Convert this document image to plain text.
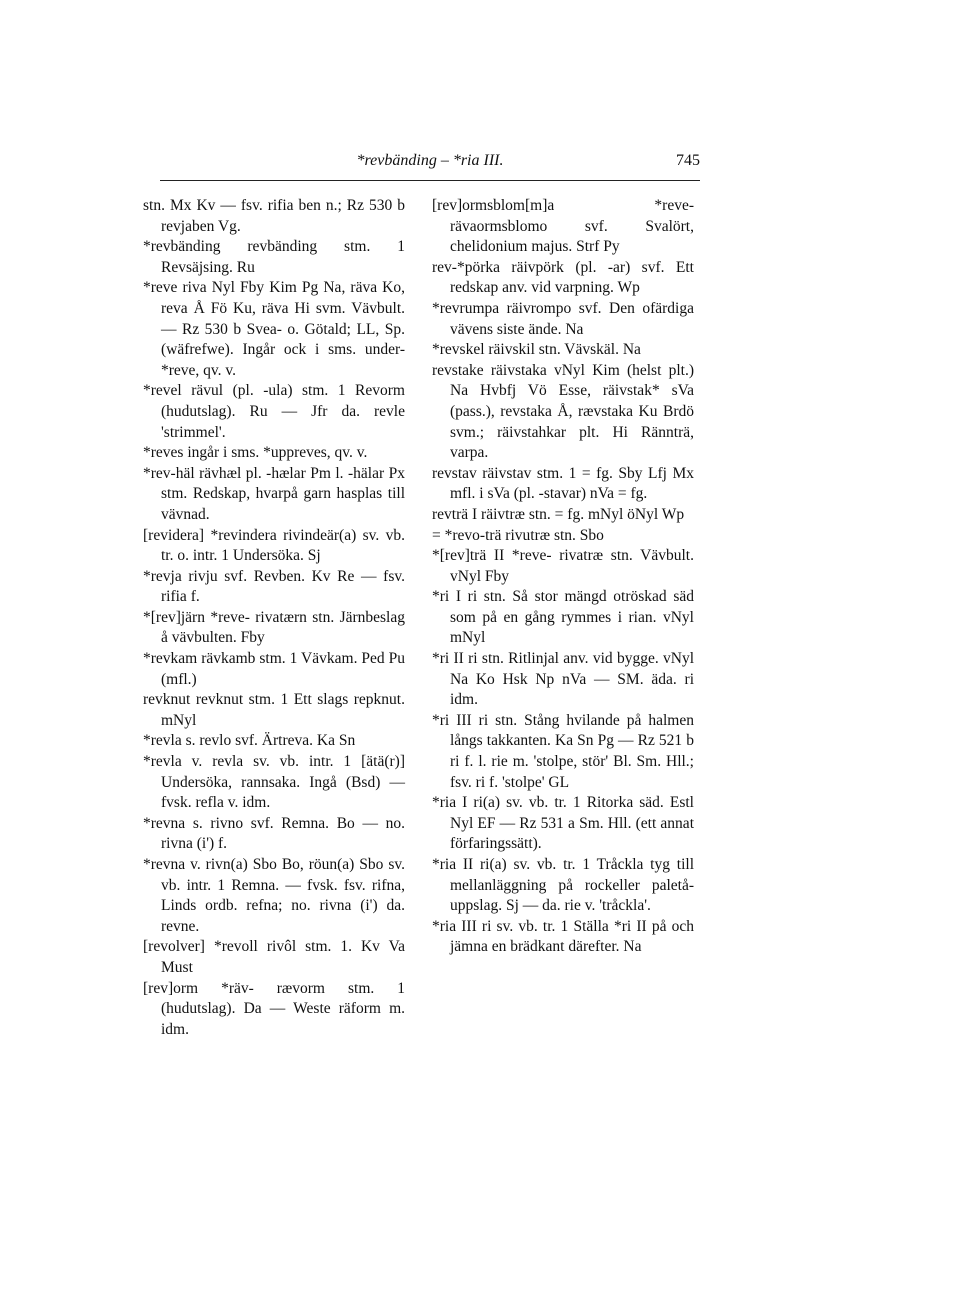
*revbänding – *ria III.	745

stn. Mx Kv — fsv. rifia ben n.; Rz 530 b revjaben Vg.

*revbänding revbänding stm. 1 Revsäjsing. Ru

*reve riva Nyl Fby Kim Pg Na, räva Ko, reva Å Fö Ku, räva Hi svm. Vävbult. — Rz 530 b Svea- o. Götald; LL, Sp. (wäfrefwe). Ingår ock i sms. under-*reve, qv. v.

*revel rävul (pl. -ula) stm. 1 Revorm (hudutslag). Ru — Jfr da. revle 'strimmel'.

*reves ingår i sms. *uppreves, qv. v.

*rev-häl rävhæl pl. -hælar Pm l. -hälar Px stm. Redskap, hvarpå garn hasplas till vävnad.

[revidera] *revindera rivindeär(a) sv. vb. tr. o. intr. 1 Undersöka. Sj

*revja rivju svf. Revben. Kv Re — fsv. rifia f.

*[rev]järn *reve- rivatærn stn. Järnbeslag å vävbulten. Fby

*revkam rävkamb stm. 1 Vävkam. Ped Pu (mfl.)

revknut revknut stm. 1 Ett slags repknut. mNyl

*revla s. revlo svf. Ärtreva. Ka Sn

*revla v. revla sv. vb. intr. 1 [ätä(r)] Undersöka, rannsaka. Ingå (Bsd) — fvsk. refla v. idm.

*revna s. rivno svf. Remna. Bo — no. rivna (i') f.

*revna v. rivn(a) Sbo Bo, röun(a) Sbo sv. vb. intr. 1 Remna. — fvsk. fsv. rifna, Linds ordb. refna; no. rivna (i') da. revne.

[revolver] *revoll rivôl stm. 1. Kv Va Must

[rev]orm *räv- rævorm stm. 1 (hudutslag). Da — Weste räform m. idm.

[rev]ormsblom[m]a *reve- rävaormsblomo svf. Svalört, chelidonium majus. Strf Py

rev-*pörka räivpörk (pl. -ar) svf. Ett redskap anv. vid varpning. Wp

*revrumpa räivrompo svf. Den ofärdiga vävens siste ände. Na

*revskel räivskil stn. Vävskäl. Na

revstake räivstaka vNyl Kim (helst plt.) Na Hvbfj Vö Esse, räivstak* sVa (pass.), revstaka Å, rævstaka Ku Brdö svm.; räivstahkar plt. Hi Rännträ, varpa.

revstav räivstav stm. 1 = fg. Sby Lfj Mx mfl. i sVa (pl. -stavar) nVa = fg.

revträ I räivtræ stn. = fg. mNyl öNyl Wp

= *revo-trä rivutræ stn. Sbo

*[rev]trä II *reve- rivatræ stn. Vävbult. vNyl Fby

*ri I ri stn. Så stor mängd otröskad säd som på en gång rymmes i rian. vNyl mNyl

*ri II ri stn. Ritlinjal anv. vid bygge. vNyl Na Ko Hsk Np nVa — SM. äda. ri idm.

*ri III ri stn. Stång hvilande på halmen långs takkanten. Ka Sn Pg — Rz 521 b ri f. l. rie m. 'stolpe, stör' Bl. Sm. Hll.; fsv. ri f. 'stolpe' GL

*ria I ri(a) sv. vb. tr. 1 Ritorka säd. Estl Nyl EF — Rz 531 a Sm. Hll. (ett annat förfaringssätt).

*ria II ri(a) sv. vb. tr. 1 Tråckla tyg till mellanläggning på rockeller paletå-uppslag. Sj — da. rie v. 'tråckla'.

*ria III ri sv. vb. tr. 1 Ställa *ri II på och jämna en brädkant därefter. Na
